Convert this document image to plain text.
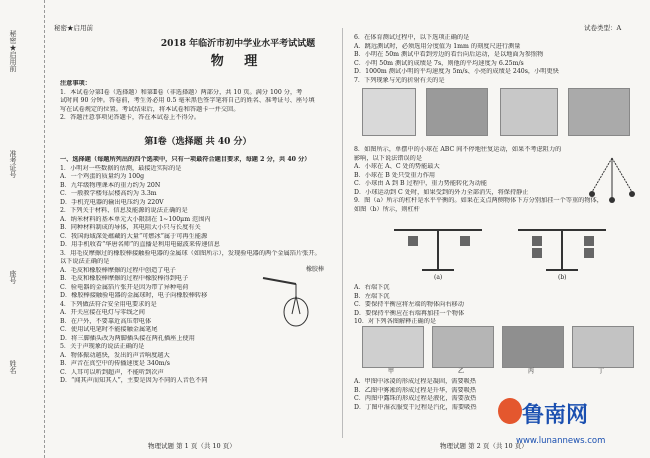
秘密★启用前
准考证号
座号
姓名
秘密★启用前
2018 年临沂市初中学业水平考试试题
物 理

注意事项：

1．本试卷分第Ⅰ卷（选择题）和第Ⅱ卷（非选择题）两部分，共 10 页。满分 100 分，考

试时间 90 分钟。答卷前，考生务必用 0.5 毫米黑色签字笔将自己的姓名、准考证号、座号填

写在试卷规定的位置。考试结束后，将本试卷和答题卡一并交回。

2．答题注意事项见答题卡，答在本试卷上不得分。

第Ⅰ卷（选择题 共 40 分）

一、选择题（每题所列出的四个选项中，只有一项最符合题目要求，每题 2 分，共 40 分）

1．小明对一些数据的估测，最接近实际的是

A．一个鸡蛋的质量约为 100g

B．九年级物理课本的重力约为 20N

C．一般教学楼每层楼高约为 3.3m

D．手机充电器的输出电压约为 220V

2．下列关于材料、信息及能源的说法正确的是

A．纳米材料的基本单元大小限制在 1~100μm 范围内

B．同种材料制成的导体，其电阻大小只与长度有关

C．我国海域深处蕴藏的大量“可燃冰”属于可再生能源

D．用手机收看“华唐名师”的直播是利用电磁波来传递信息

3．用毛皮摩擦过的橡胶棒接触验电器的金属球（如图所示），发现验电器的两个金属箔片张开。

以下说法正确的是

A．毛皮和橡胶棒摩擦的过程中创造了电子

B．毛皮和橡胶棒摩擦的过程中橡胶棒得到电子

C．验电器的金属箔片张开是因为带了异种电荷

D．橡胶棒接触验电器的金属球时，电子向橡胶棒转移

4．下列做法符合安全用电要求的是

A．开关应接在电灯与零线之间

B．在户外，不要靠近高压带电体

C．使用试电笔时不能接触金属笔尾

D．将三脚插头改为两脚插头接在两孔插座上使用

5．关于声现象的说法正确的是

A．物体振动越快，发出的声音响度越大

B．声音在真空中的传播速度是 340m/s

C．人耳可以听到超声，不能听到次声

D．“闻其声而知其人”，主要是因为不同的人音色不同

橡胶棒
物理试题 第 1 页（共 10 页）
试卷类型：A

6．在体育测试过程中，以下选项正确的是

A．跳远测试时，必须选用分度值为 1mm 的刻度尺进行测量

B．小明在 50m 测试中看到旁边的看台向后运动，是以地面为参照物

C．小明 50m 测试的成绩是 7s，则他的平均速度为 6.25m/s

D．1000m 测试小明的平均速度为 5m/s、小亮的成绩是 240s，小明更快

7．下列现象与光的折射有关的是

8．如图所示，单摆中的小球在 ABC 间不停地往复运动，如果不考虑阻力的

影响，以下说法错误的是

A．小球在 A、C 处的势能最大

B．小球在 B 处只受重力作用

C．小球由 A 到 B 过程中，重力势能转化为动能

D．小球运动到 C 处时，如果受到的外力全部消失，将保持静止

9．图（a）所示的杠杆是水平平衡的。如果在支点两侧物体下方分别加挂一个等重的物体，

如图（b）所示，则杠杆

(a)	(b)

A．右端下沉

B．左端下沉

C．要保持平衡应将左端的物体向右移动

D．要保持平衡应在右端再加挂一个物体

10．对下列各图解释正确的是

甲	乙	丙	丁

A．甲图中冰凌的形成过程是凝固，需要吸热

B．乙图中雾凇的形成过程是升华，需要吸热

C．丙图中露珠的形成过程是液化，需要放热

D．丁图中湿衣服变干过程是汽化，需要吸热

物理试题 第 2 页（共 10 页）
鲁南网
www.lunannews.com
